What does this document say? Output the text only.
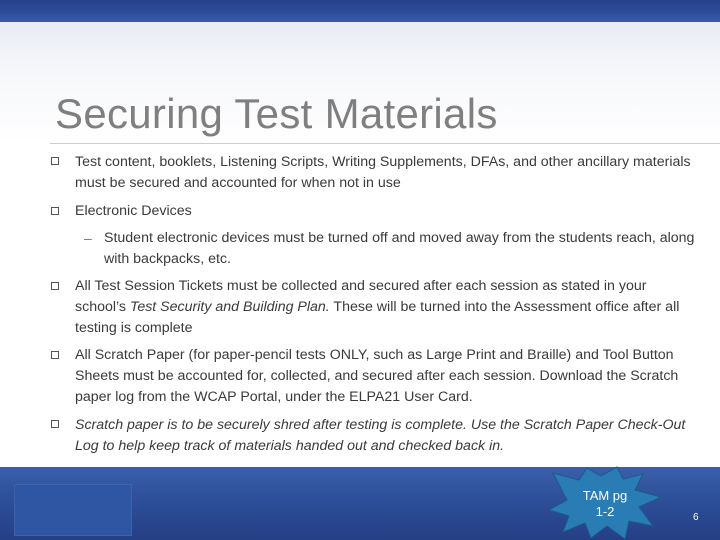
Securing Test Materials
Test content, booklets, Listening Scripts, Writing Supplements, DFAs, and other ancillary materials must be secured and accounted for when not in use
Electronic Devices
– Student electronic devices must be turned off and moved away from the students reach, along with backpacks, etc.
All Test Session Tickets must be collected and secured after each session as stated in your school’s Test Security and Building Plan. These will be turned into the Assessment office after all testing is complete
All Scratch Paper (for paper-pencil tests ONLY, such as Large Print and Braille) and Tool Button Sheets must be accounted for, collected, and secured after each session. Download the Scratch paper log from the WCAP Portal, under the ELPA21 User Card.
Scratch paper is to be securely shred after testing is complete. Use the Scratch Paper Check-Out Log to help keep track of materials handed out and checked back in.
TAM pg
1-2	6
